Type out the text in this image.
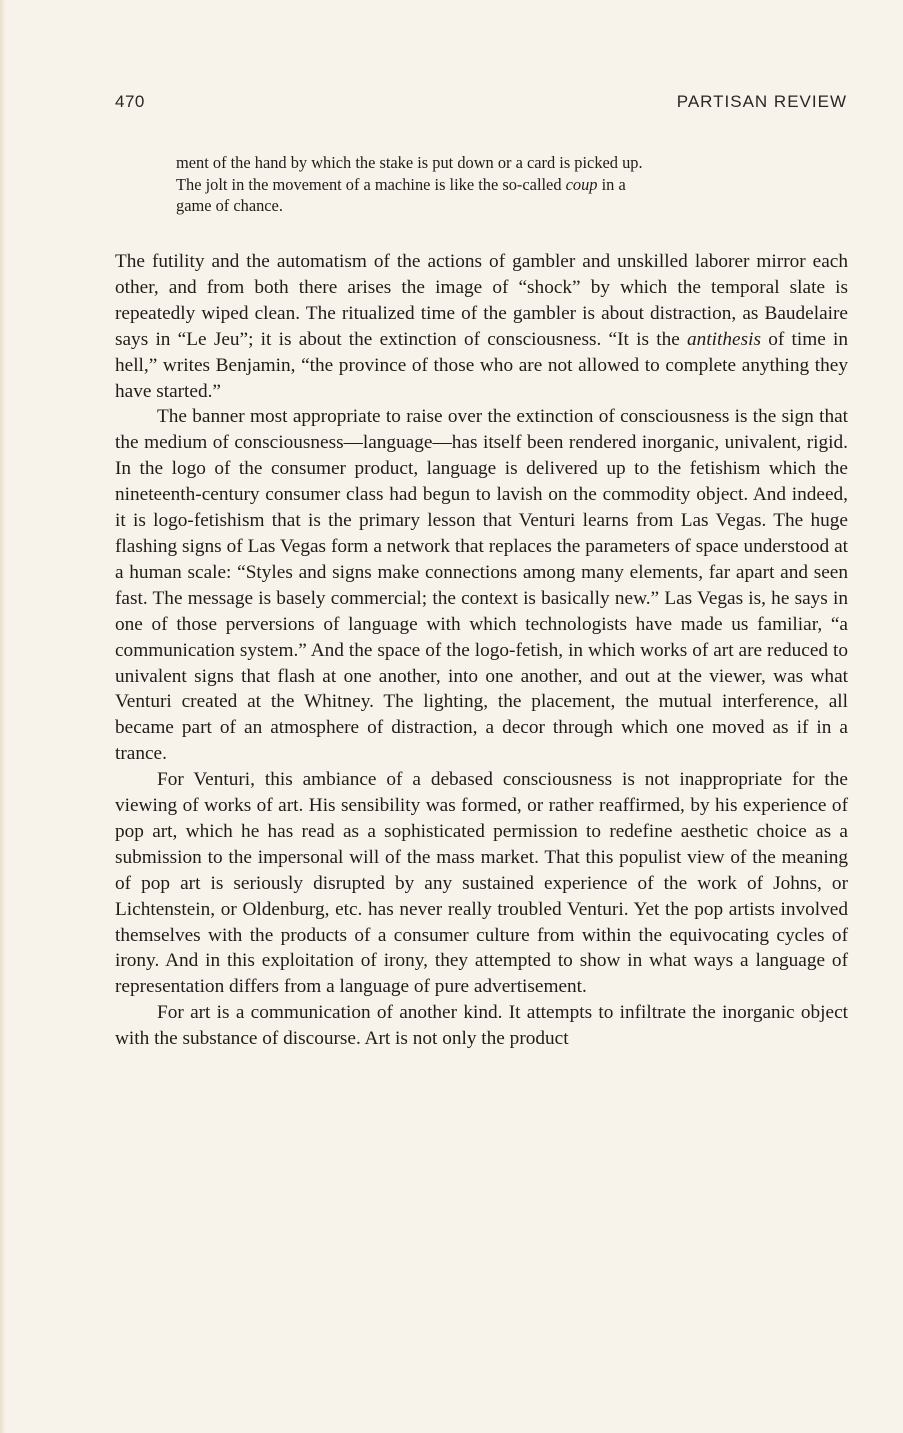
470	PARTISAN REVIEW

ment of the hand by which the stake is put down or a card is picked up.

The jolt in the movement of a machine is like the so-called coup in a

game of chance.

The futility and the automatism of the actions of gambler and unskilled laborer mirror each other, and from both there arises the image of “shock” by which the temporal slate is repeatedly wiped clean. The ritualized time of the gambler is about distraction, as Baudelaire says in “Le Jeu”; it is about the extinction of consciousness. “It is the antithesis of time in hell,” writes Benjamin, “the province of those who are not allowed to complete anything they have started.”

The banner most appropriate to raise over the extinction of consciousness is the sign that the medium of consciousness—language—has itself been rendered inorganic, univalent, rigid. In the logo of the consumer product, language is delivered up to the fetishism which the nineteenth-century consumer class had begun to lavish on the commodity object. And indeed, it is logo-fetishism that is the primary lesson that Venturi learns from Las Vegas. The huge flashing signs of Las Vegas form a network that replaces the parameters of space understood at a human scale: “Styles and signs make connections among many elements, far apart and seen fast. The message is basely commercial; the context is basically new.” Las Vegas is, he says in one of those perversions of language with which technologists have made us familiar, “a communication system.” And the space of the logo-fetish, in which works of art are reduced to univalent signs that flash at one another, into one another, and out at the viewer, was what Venturi created at the Whitney. The lighting, the placement, the mutual interference, all became part of an atmosphere of distraction, a decor through which one moved as if in a trance.

For Venturi, this ambiance of a debased consciousness is not inappropriate for the viewing of works of art. His sensibility was formed, or rather reaffirmed, by his experience of pop art, which he has read as a sophisticated permission to redefine aesthetic choice as a submission to the impersonal will of the mass market. That this populist view of the meaning of pop art is seriously disrupted by any sustained experience of the work of Johns, or Lichtenstein, or Oldenburg, etc. has never really troubled Venturi. Yet the pop artists involved themselves with the products of a consumer culture from within the equivocating cycles of irony. And in this exploitation of irony, they attempted to show in what ways a language of representation differs from a language of pure advertisement.

For art is a communication of another kind. It attempts to infiltrate the inorganic object with the substance of discourse. Art is not only the product
